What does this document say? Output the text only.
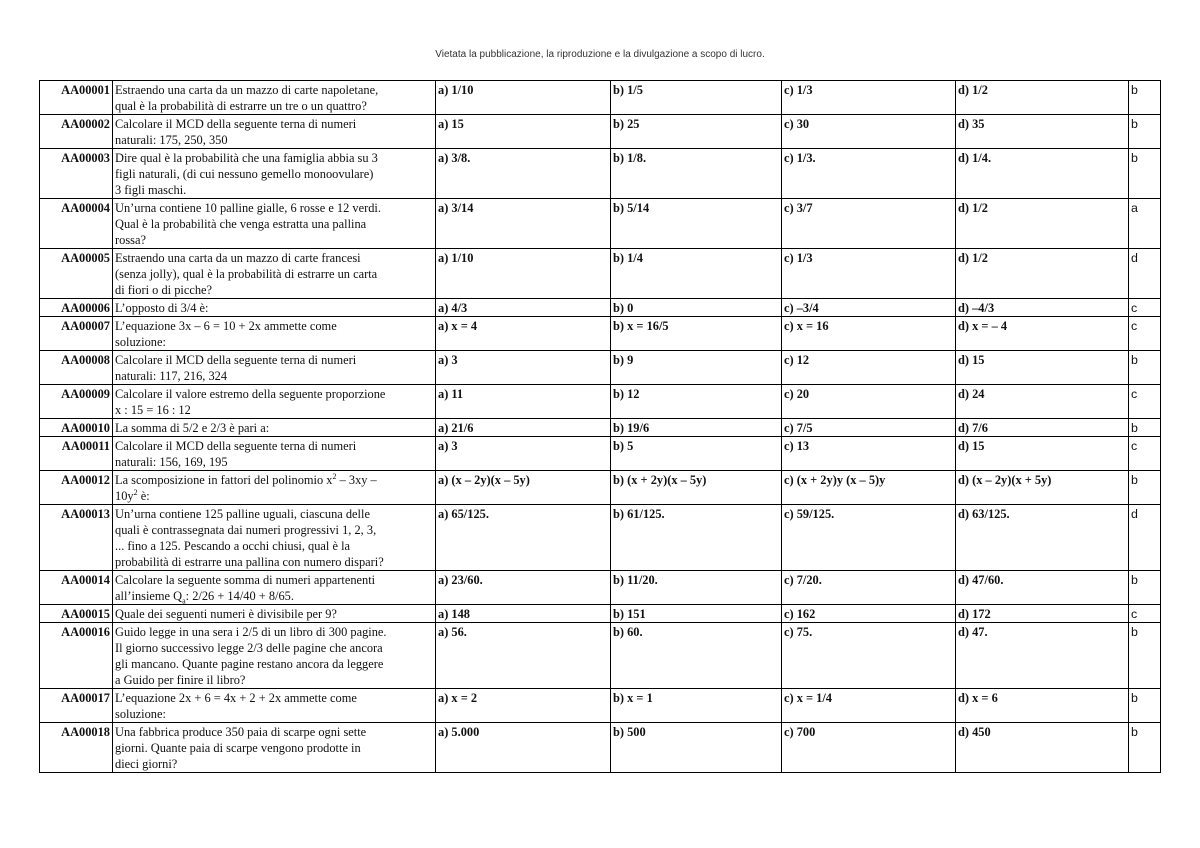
Vietata la pubblicazione, la riproduzione e la divulgazione a scopo di lucro.
AA00001	Estraendo una carta da un mazzo di carte napoletane,
qual è la probabilità di estrarre un tre o un quattro?	a) 1/10	b) 1/5	c) 1/3	d) 1/2	b
AA00002	Calcolare il MCD della seguente terna di numeri
naturali: 175, 250, 350	a) 15	b) 25	c) 30	d) 35	b
AA00003	Dire qual è la probabilità che una famiglia abbia su 3
figli naturali, (di cui nessuno gemello monoovulare)
3 figli maschi.	a) 3/8.	b) 1/8.	c) 1/3.	d) 1/4.	b
AA00004	Un’urna contiene 10 palline gialle, 6 rosse e 12 verdi.
Qual è la probabilità che venga estratta una pallina
rossa?	a) 3/14	b) 5/14	c) 3/7	d) 1/2	a
AA00005	Estraendo una carta da un mazzo di carte francesi
(senza jolly), qual è la probabilità di estrarre un carta
di fiori o di picche?	a) 1/10	b) 1/4	c) 1/3	d) 1/2	d
AA00006	L’opposto di 3/4 è:	a) 4/3	b) 0	c) –3/4	d) –4/3	c
AA00007	L’equazione 3x – 6 = 10 + 2x ammette come
soluzione:	a) x = 4	b) x = 16/5	c) x = 16	d) x = – 4	c
AA00008	Calcolare il MCD della seguente terna di numeri
naturali: 117, 216, 324	a) 3	b) 9	c) 12	d) 15	b
AA00009	Calcolare il valore estremo della seguente proporzione
x : 15 = 16 : 12	a) 11	b) 12	c) 20	d) 24	c
AA00010	La somma di 5/2 e 2/3 è pari a:	a) 21/6	b) 19/6	c) 7/5	d) 7/6	b
AA00011	Calcolare il MCD della seguente terna di numeri
naturali: 156, 169, 195	a) 3	b) 5	c) 13	d) 15	c
AA00012	La scomposizione in fattori del polinomio $x^2 - 3xy$ –
$10y^2$ è:	a) (x – 2y)(x – 5y)	b) (x + 2y)(x – 5y)	c) (x + 2y)y (x – 5)y	d) (x – 2y)(x + 5y)	b
AA00013	Un’urna contiene 125 palline uguali, ciascuna delle
quali è contrassegnata dai numeri progressivi 1, 2, 3,
... fino a 125. Pescando a occhi chiusi, qual è la
probabilità di estrarre una pallina con numero dispari?	a) 65/125.	b) 61/125.	c) 59/125.	d) 63/125.	d
AA00014	Calcolare la seguente somma di numeri appartenenti
all’insieme $Q_a$: 2/26 + 14/40 + 8/65.	a) 23/60.	b) 11/20.	c) 7/20.	d) 47/60.	b
AA00015	Quale dei seguenti numeri è divisibile per 9?	a) 148	b) 151	c) 162	d) 172	c
AA00016	Guido legge in una sera i 2/5 di un libro di 300 pagine.
Il giorno successivo legge 2/3 delle pagine che ancora
gli mancano. Quante pagine restano ancora da leggere
a Guido per finire il libro?	a) 56.	b) 60.	c) 75.	d) 47.	b
AA00017	L’equazione 2x + 6 = 4x + 2 + 2x ammette come
soluzione:	a) x = 2	b) x = 1	c) x = 1/4	d) x = 6	b
AA00018	Una fabbrica produce 350 paia di scarpe ogni sette
giorni. Quante paia di scarpe vengono prodotte in
dieci giorni?	a) 5.000	b) 500	c) 700	d) 450	b
